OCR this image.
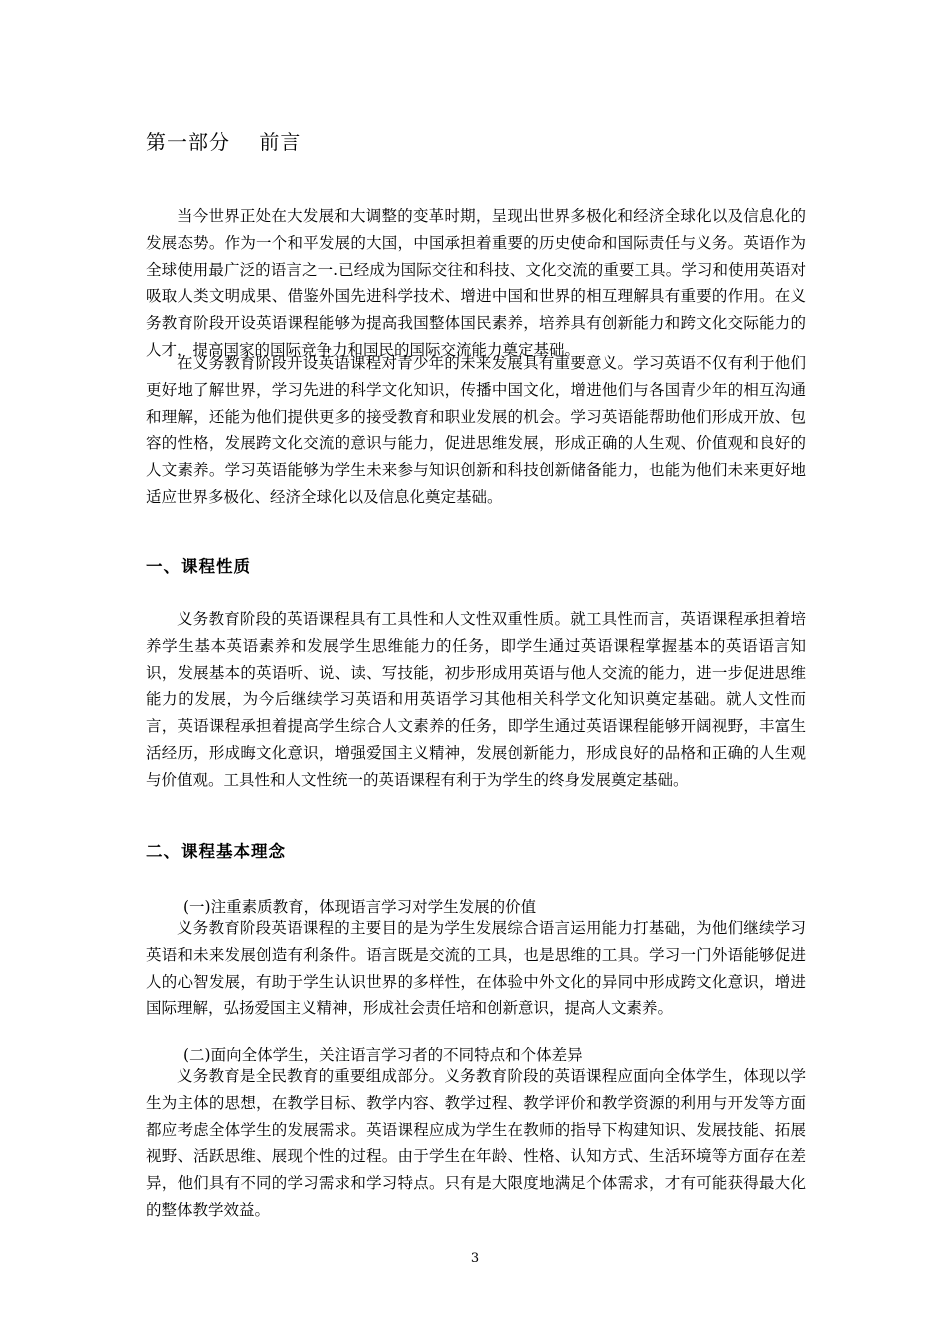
第一部分    前言
当今世界正处在大发展和大调整的变革时期，呈现出世界多极化和经济全球化以及信息化的发展态势。作为一个和平发展的大国，中国承担着重要的历史使命和国际责任与义务。英语作为全球使用最广泛的语言之一.已经成为国际交往和科技、文化交流的重要工具。学习和使用英语对吸取人类文明成果、借鉴外国先进科学技术、增进中国和世界的相互理解具有重要的作用。在义务教育阶段开设英语课程能够为提高我国整体国民素养，培养具有创新能力和跨文化交际能力的人才，提高国家的国际竞争力和国民的国际交流能力奠定基础。
在义务教育阶段开设英语课程对青少年的未来发展具有重要意义。学习英语不仅有利于他们更好地了解世界，学习先进的科学文化知识，传播中国文化，增进他们与各国青少年的相互沟通和理解，还能为他们提供更多的接受教育和职业发展的机会。学习英语能帮助他们形成开放、包容的性格，发展跨文化交流的意识与能力，促进思维发展，形成正确的人生观、价值观和良好的人文素养。学习英语能够为学生未来参与知识创新和科技创新储备能力，也能为他们未来更好地适应世界多极化、经济全球化以及信息化奠定基础。
一、课程性质
义务教育阶段的英语课程具有工具性和人文性双重性质。就工具性而言，英语课程承担着培养学生基本英语素养和发展学生思维能力的任务，即学生通过英语课程掌握基本的英语语言知识，发展基本的英语听、说、读、写技能，初步形成用英语与他人交流的能力，进一步促进思维能力的发展，为今后继续学习英语和用英语学习其他相关科学文化知识奠定基础。就人文性而言，英语课程承担着提高学生综合人文素养的任务，即学生通过英语课程能够开阔视野，丰富生活经历，形成晦文化意识，增强爱国主义精神，发展创新能力，形成良好的品格和正确的人生观与价值观。工具性和人文性统一的英语课程有利于为学生的终身发展奠定基础。
二、课程基本理念
(一)注重素质教育，体现语言学习对学生发展的价值
义务教育阶段英语课程的主要目的是为学生发展综合语言运用能力打基础，为他们继续学习英语和未来发展创造有利条件。语言既是交流的工具，也是思维的工具。学习一门外语能够促进人的心智发展，有助于学生认识世界的多样性，在体验中外文化的异同中形成跨文化意识，增进国际理解，弘扬爱国主义精神，形成社会责任培和创新意识，提高人文素养。
(二)面向全体学生，关注语言学习者的不同特点和个体差异
义务教育是全民教育的重要组成部分。义务教育阶段的英语课程应面向全体学生，体现以学生为主体的思想，在教学目标、教学内容、教学过程、教学评价和教学资源的利用与开发等方面都应考虑全体学生的发展需求。英语课程应成为学生在教师的指导下构建知识、发展技能、拓展视野、活跃思维、展现个性的过程。由于学生在年龄、性格、认知方式、生活环境等方面存在差异，他们具有不同的学习需求和学习特点。只有是大限度地满足个体需求，才有可能获得最大化的整体教学效益。
3
